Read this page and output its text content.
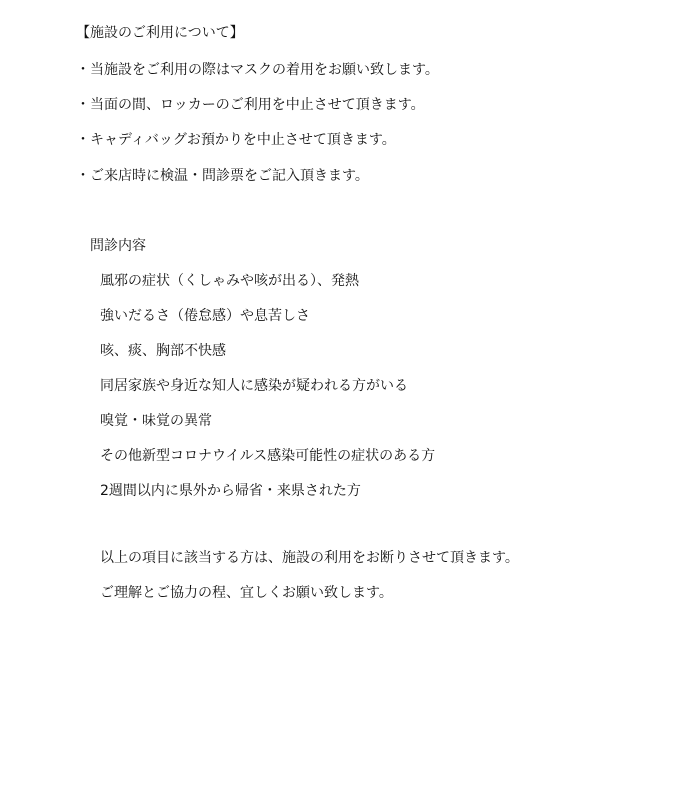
【施設のご利用について】
・当施設をご利用の際はマスクの着用をお願い致します。
・当面の間、ロッカーのご利用を中止させて頂きます。
・キャディバッグお預かりを中止させて頂きます。
・ご来店時に検温・問診票をご記入頂きます。
問診内容
風邪の症状（くしゃみや咳が出る）、発熱
強いだるさ（倦怠感）や息苦しさ
咳、痰、胸部不快感
同居家族や身近な知人に感染が疑われる方がいる
嗅覚・味覚の異常
その他新型コロナウイルス感染可能性の症状のある方
2週間以内に県外から帰省・来県された方
以上の項目に該当する方は、施設の利用をお断りさせて頂きます。
ご理解とご協力の程、宜しくお願い致します。
